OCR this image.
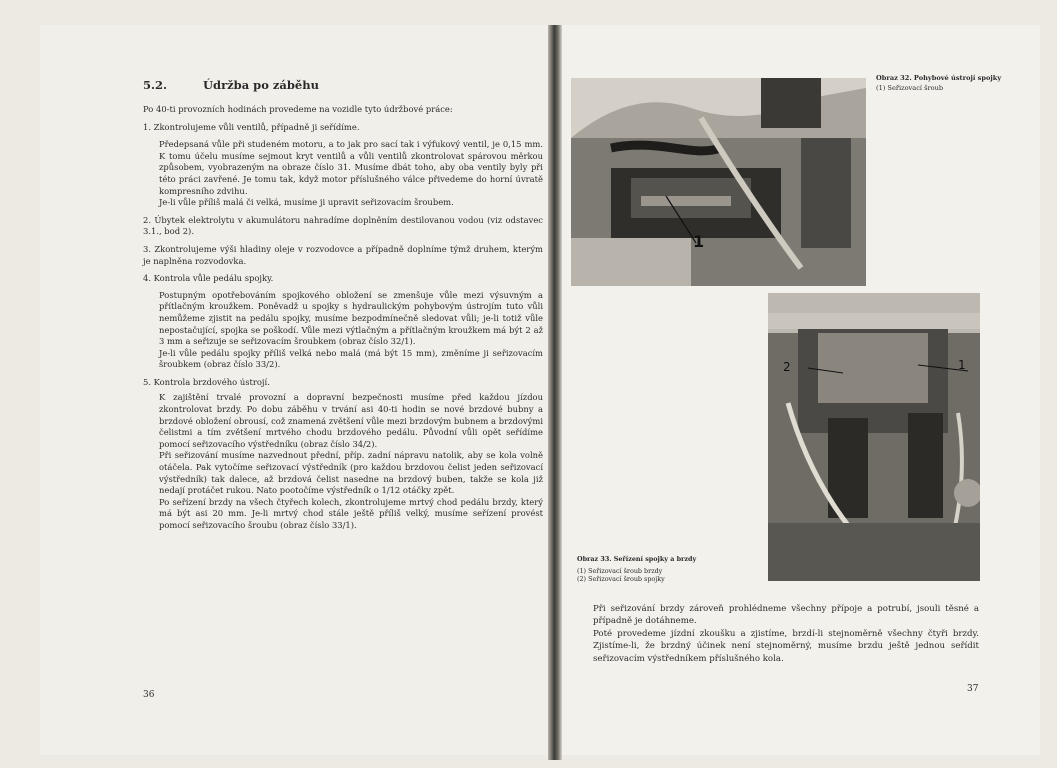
5.2.	Údržba po záběhu

Po 40-ti provozních hodinách provedeme na vozidle tyto údržbové práce:

1. Zkontrolujeme vůli ventilů, případně ji seřídíme.

Předepsaná vůle při studeném motoru, a to jak pro sací tak i výfukový ventil, je 0,15 mm. K tomu účelu musíme sejmout kryt ventilů a vůli ventilů zkontrolovat spárovou měrkou způsobem, vyobrazeným na obraze číslo 31. Musíme dbát toho, aby oba ventily byly při této práci zavřené. Je tomu tak, když motor příslušného válce přivedeme do horní úvratě kompresního zdvihu.

Je-li vůle příliš malá či velká, musíme ji upravit seřizovacím šroubem.

2. Úbytek elektrolytu v akumulátoru nahradíme doplněním destilovanou vodou (viz odstavec 3.1., bod 2).

3. Zkontrolujeme výši hladiny oleje v rozvodovce a případně doplníme týmž druhem, kterým je naplněna rozvodovka.

4. Kontrola vůle pedálu spojky.

Postupným opotřebováním spojkového obložení se zmenšuje vůle mezi výsuvným a přítlačným kroužkem. Poněvadž u spojky s hydraulickým pohybovým ústrojím tuto vůli nemůžeme zjistit na pedálu spojky, musíme bezpodmínečně sledovat vůli; je-li totiž vůle nepostačující, spojka se poškodí. Vůle mezi výtlačným a přítlačným kroužkem má být 2 až 3 mm a seřizuje se seřizovacím šroubkem (obraz číslo 32/1).

Je-li vůle pedálu spojky příliš velká nebo malá (má být 15 mm), změníme ji seřizovacím šroubkem (obraz číslo 33/2).

5. Kontrola brzdového ústrojí.

K zajištění trvalé provozní a dopravní bezpečnosti musíme před každou jízdou zkontrolovat brzdy. Po dobu záběhu v trvání asi 40-ti hodin se nové brzdové bubny a brzdové obložení obrousí, což znamená zvětšení vůle mezi brzdovým bubnem a brzdovými čelistmi a tím zvětšení mrtvého chodu brzdového pedálu. Původní vůli opět seřídíme pomocí seřizovacího výstředníku (obraz číslo 34/2).

Při seřizování musíme nazvednout přední, příp. zadní nápravu natolik, aby se kola volně otáčela. Pak vytočíme seřizovací výstředník (pro každou brzdovou čelist jeden seřizovací výstředník) tak dalece, až brzdová čelist nasedne na brzdový buben, takže se kola již nedají protáčet rukou. Nato pootočíme výstředník o 1/12 otáčky zpět.

Po seřízení brzdy na všech čtyřech kolech, zkontrolujeme mrtvý chod pedálu brzdy, který má být asi 20 mm. Je-li mrtvý chod stále ještě příliš velký, musíme seřízení provést pomocí seřizovacího šroubu (obraz číslo 33/1).

36
1
Obraz 32. Pohybové ústrojí spojky
(1) Seřizovací šroub
2	1
Obraz 33. Seřízení spojky a brzdy
(1) Seřizovací šroub brzdy
(2) Seřizovací šroub spojky

Při seřizování brzdy zároveň prohlédneme všechny přípoje a potrubí, jsouli těsné a případně je dotáhneme.

Poté provedeme jízdní zkoušku a zjistíme, brzdí-li stejnoměrně všechny čtyři brzdy. Zjistíme-li, že brzdný účinek není stejnoměrný, musíme brzdu ještě jednou seřídit seřizovacím výstředníkem příslušného kola.

37
